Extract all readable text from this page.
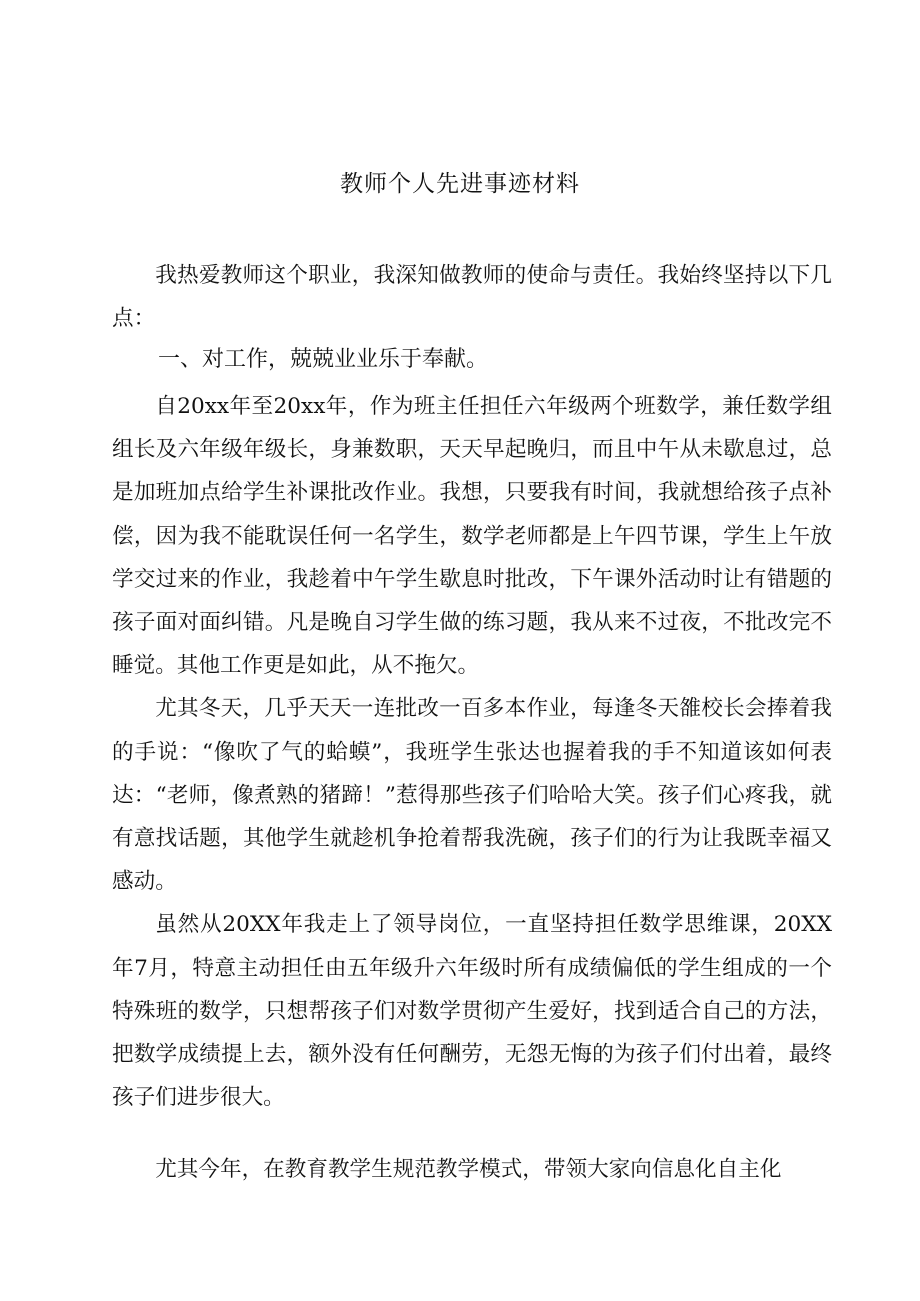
教师个人先进事迹材料

我热爱教师这个职业，我深知做教师的使命与责任。我始终坚持以下几点：

一、对工作，兢兢业业乐于奉献。

自20xx年至20xx年，作为班主任担任六年级两个班数学，兼任数学组组长及六年级年级长，身兼数职，天天早起晚归，而且中午从未歇息过，总是加班加点给学生补课批改作业。我想，只要我有时间，我就想给孩子点补偿，因为我不能耽误任何一名学生，数学老师都是上午四节课，学生上午放学交过来的作业，我趁着中午学生歇息时批改，下午课外活动时让有错题的孩子面对面纠错。凡是晚自习学生做的练习题，我从来不过夜，不批改完不睡觉。其他工作更是如此，从不拖欠。

尤其冬天，几乎天天一连批改一百多本作业，每逢冬天雒校长会捧着我的手说：“像吹了气的蛤蟆”，我班学生张达也握着我的手不知道该如何表达：“老师，像煮熟的猪蹄！”惹得那些孩子们哈哈大笑。孩子们心疼我，就有意找话题，其他学生就趁机争抢着帮我洗碗，孩子们的行为让我既幸福又感动。

虽然从20XX年我走上了领导岗位，一直坚持担任数学思维课，20XX年7月，特意主动担任由五年级升六年级时所有成绩偏低的学生组成的一个特殊班的数学，只想帮孩子们对数学贯彻产生爱好，找到适合自己的方法，把数学成绩提上去，额外没有任何酬劳，无怨无悔的为孩子们付出着，最终孩子们进步很大。

尤其今年，在教育教学生规范教学模式，带领大家向信息化自主化
